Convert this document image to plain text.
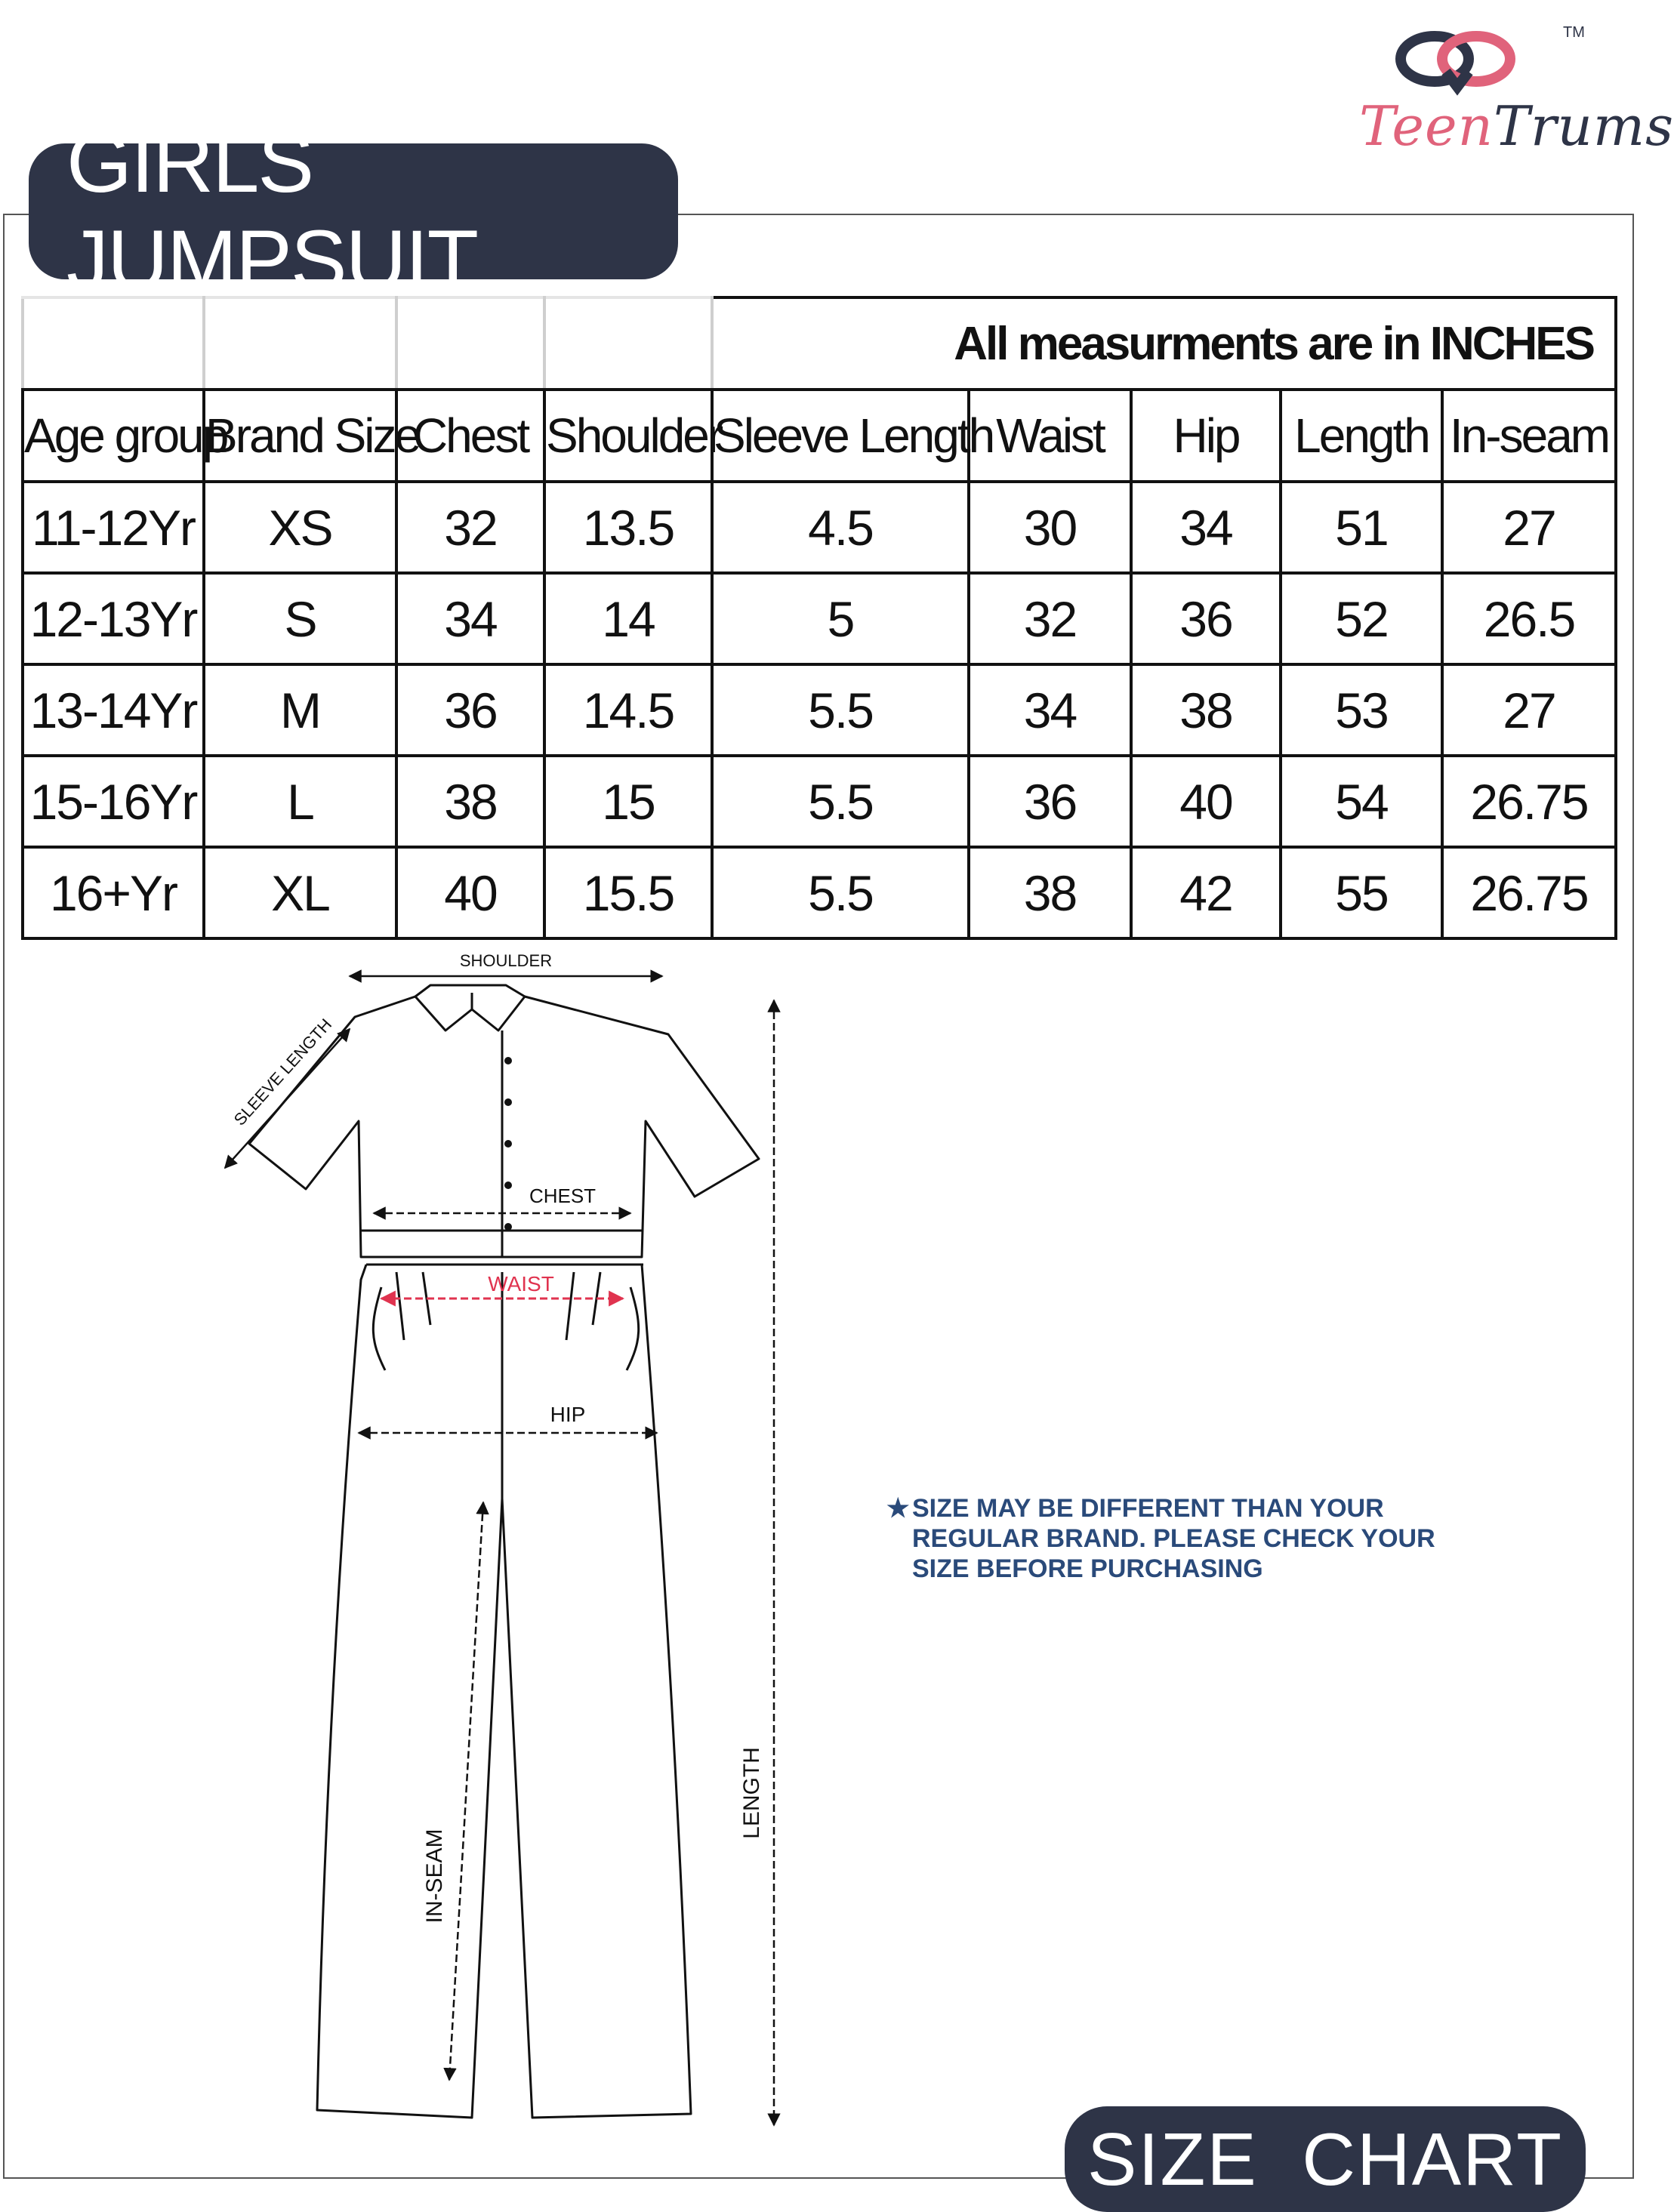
TM
TeenTrums
GIRLS JUMPSUIT
				All measurments are in INCHES				
Age group	Brand Size	Chest	Shoulder	Sleeve Length	Waist	Hip	Length	In-seam
11-12Yr	XS	32	13.5	4.5	30	34	51	27
12-13Yr	S	34	14	5	32	36	52	26.5
13-14Yr	M	36	14.5	5.5	34	38	53	27
15-16Yr	L	38	15	5.5	36	40	54	26.75
16+Yr	XL	40	15.5	5.5	38	42	55	26.75
SHOULDER
SLEEVE LENGTH
CHEST
WAIST
HIP
IN-SEAM
LENGTH
★ SIZE MAY BE DIFFERENT THAN YOUR
REGULAR BRAND. PLEASE CHECK YOUR
SIZE BEFORE PURCHASING
SIZE  CHART
